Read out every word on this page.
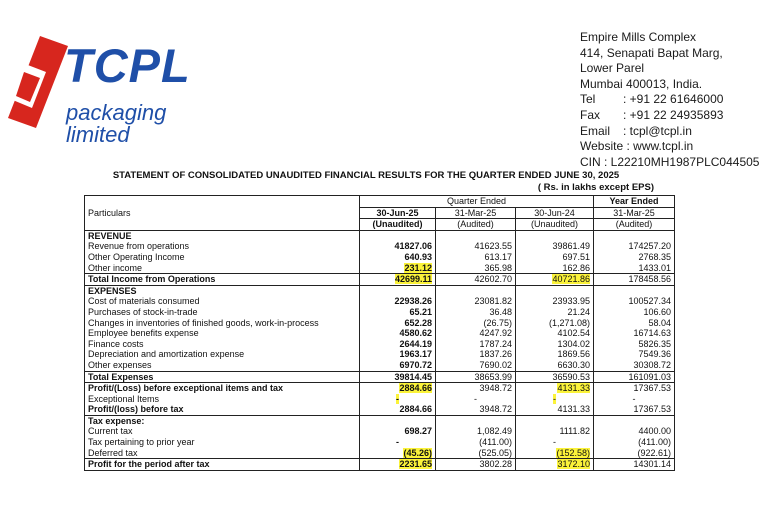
TCPL
packaging limited
Empire Mills Complex
414, Senapati Bapat Marg,
Lower Parel
Mumbai 400013, India.
Tel : +91 22 61646000
Fax : +91 22 24935893
Email : tcpl@tcpl.in
Website : www.tcpl.in
CIN : L22210MH1987PLC044505
STATEMENT OF CONSOLIDATED UNAUDITED FINANCIAL RESULTS FOR THE QUARTER ENDED JUNE 30, 2025
( Rs. in lakhs except EPS)
Particulars	Quarter Ended			Year Ended
	30-Jun-25	31-Mar-25	30-Jun-24	31-Mar-25
	(Unaudited)	(Audited)	(Unaudited)	(Audited)
REVENUE				
Revenue from operations	41827.06	41623.55	39861.49	174257.20
Other Operating Income	640.93	613.17	697.51	2768.35
Other income	231.12	365.98	162.86	1433.01
Total Income from Operations	42699.11	42602.70	40721.86	178458.56
EXPENSES				
Cost of materials consumed	22938.26	23081.82	23933.95	100527.34
Purchases of stock-in-trade	65.21	36.48	21.24	106.60
Changes in inventories of finished goods, work-in-process	652.28	(26.75)	(1,271.08)	58.04
Employee benefits expense	4580.62	4247.92	4102.54	16714.63
Finance costs	2644.19	1787.24	1304.02	5826.35
Depreciation and amortization expense	1963.17	1837.26	1869.56	7549.36
Other expenses	6970.72	7690.02	6630.30	30308.72
Total Expenses	39814.45	38653.99	36590.53	161091.03
Profit/(Loss) before exceptional items and tax	2884.66	3948.72	4131.33	17367.53
Exceptional Items	-	-	-	-
Profit/(loss) before tax	2884.66	3948.72	4131.33	17367.53
Tax expense:				
Current tax	698.27	1,082.49	1111.82	4400.00
Tax pertaining to prior year	-	(411.00)	-	(411.00)
Deferred tax	(45.26)	(525.05)	(152.58)	(922.61)
Profit for the period after tax	2231.65	3802.28	3172.10	14301.14
